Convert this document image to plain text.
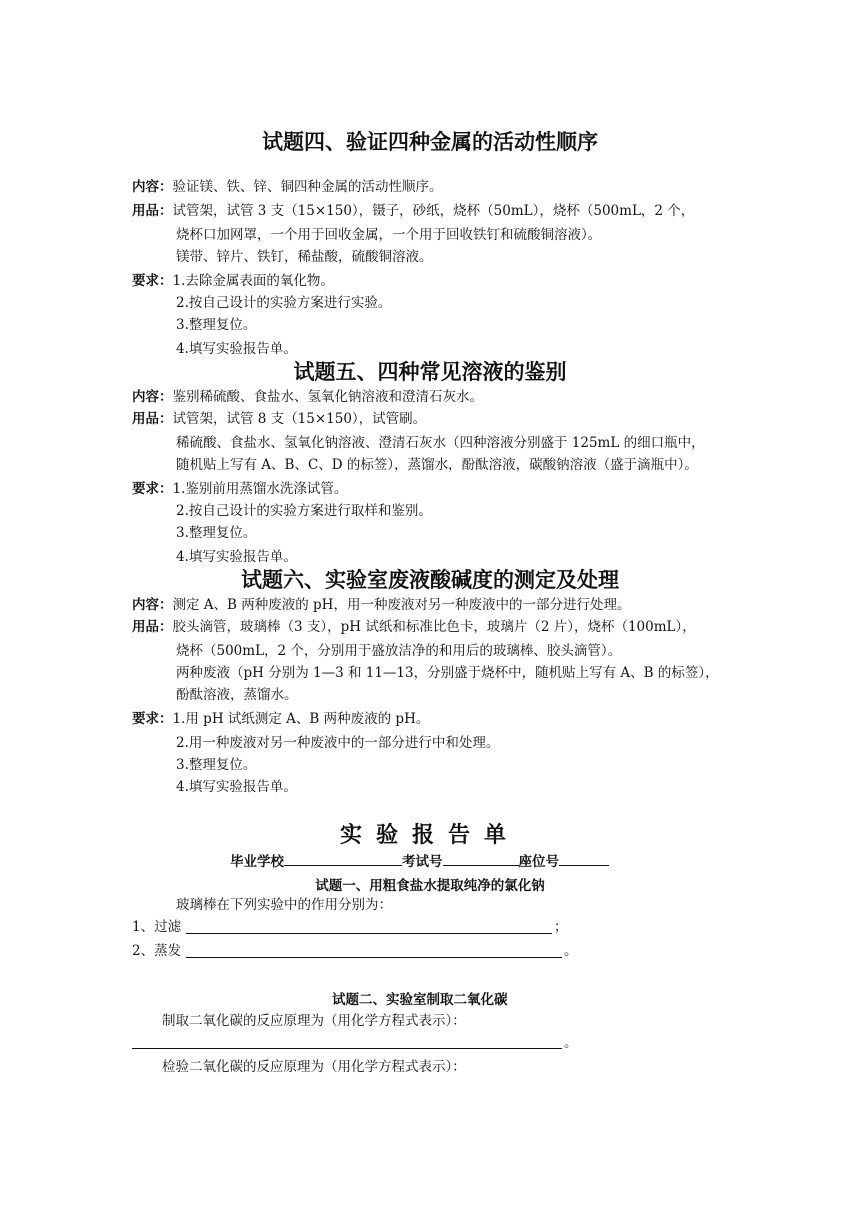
试题四、验证四种金属的活动性顺序
内容：验证镁、铁、锌、铜四种金属的活动性顺序。
用品：试管架，试管 3 支（15×150），镊子，砂纸，烧杯（50mL），烧杯（500mL，2 个，
烧杯口加网罩，一个用于回收金属，一个用于回收铁钉和硫酸铜溶液）。
镁带、锌片、铁钉，稀盐酸，硫酸铜溶液。
要求：1.去除金属表面的氧化物。
2.按自己设计的实验方案进行实验。
3.整理复位。
4.填写实验报告单。
试题五、四种常见溶液的鉴别
内容：鉴别稀硫酸、食盐水、氢氧化钠溶液和澄清石灰水。
用品：试管架，试管 8 支（15×150），试管刷。
稀硫酸、食盐水、氢氧化钠溶液、澄清石灰水（四种溶液分别盛于 125mL 的细口瓶中，
随机贴上写有 A、B、C、D 的标签），蒸馏水，酚酞溶液，碳酸钠溶液（盛于滴瓶中）。
要求：1.鉴别前用蒸馏水洗涤试管。
2.按自己设计的实验方案进行取样和鉴别。
3.整理复位。
4.填写实验报告单。
试题六、实验室废液酸碱度的测定及处理
内容：测定 A、B 两种废液的 pH，用一种废液对另一种废液中的一部分进行处理。
用品：胶头滴管，玻璃棒（3 支），pH 试纸和标准比色卡，玻璃片（2 片），烧杯（100mL），
烧杯（500mL，2 个，分别用于盛放洁净的和用后的玻璃棒、胶头滴管）。
两种废液（pH 分别为 1—3 和 11—13，分别盛于烧杯中，随机贴上写有 A、B 的标签），
酚酞溶液，蒸馏水。
要求：1.用 pH 试纸测定 A、B 两种废液的 pH。
2.用一种废液对另一种废液中的一部分进行中和处理。
3.整理复位。
4.填写实验报告单。
实验报告单
毕业学校	考试号	座位号
试题一、用粗食盐水提取纯净的氯化钠
玻璃棒在下列实验中的作用分别为：
1、过滤	；
2、蒸发	。
试题二、实验室制取二氧化碳
制取二氧化碳的反应原理为（用化学方程式表示）：
。
检验二氧化碳的反应原理为（用化学方程式表示）：
